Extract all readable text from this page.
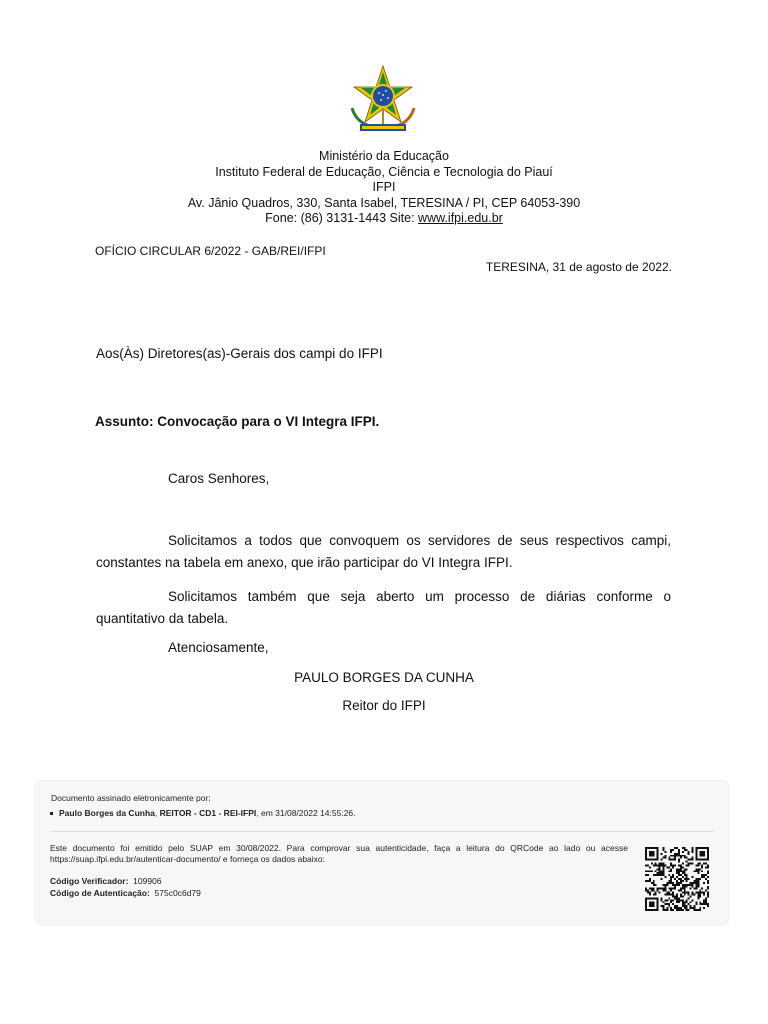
Ministério da Educação
Instituto Federal de Educação, Ciência e Tecnologia do Piauí
IFPI
Av. Jânio Quadros, 330, Santa Isabel, TERESINA / PI, CEP 64053-390
Fone: (86) 3131-1443 Site: www.ifpi.edu.br
OFÍCIO CIRCULAR 6/2022 - GAB/REI/IFPI
TERESINA, 31 de agosto de 2022.
Aos(Às) Diretores(as)-Gerais dos campi do IFPI
Assunto: Convocação para o VI Integra IFPI.
Caros Senhores,
Solicitamos a todos que convoquem os servidores de seus respectivos campi, constantes na tabela em anexo, que irão participar do VI Integra IFPI.
Solicitamos também que seja aberto um processo de diárias conforme o quantitativo da tabela.
Atenciosamente,
PAULO BORGES DA CUNHA
Reitor do IFPI
Documento assinado eletronicamente por:
Paulo Borges da Cunha, REITOR - CD1 - REI-IFPI, em 31/08/2022 14:55:26.
Este documento foi emitido pelo SUAP em 30/08/2022. Para comprovar sua autenticidade, faça a leitura do QRCode ao lado ou acesse https://suap.ifpi.edu.br/autenticar-documento/ e forneça os dados abaixo:
Código Verificador: 109906
Código de Autenticação: 575c0c6d79
